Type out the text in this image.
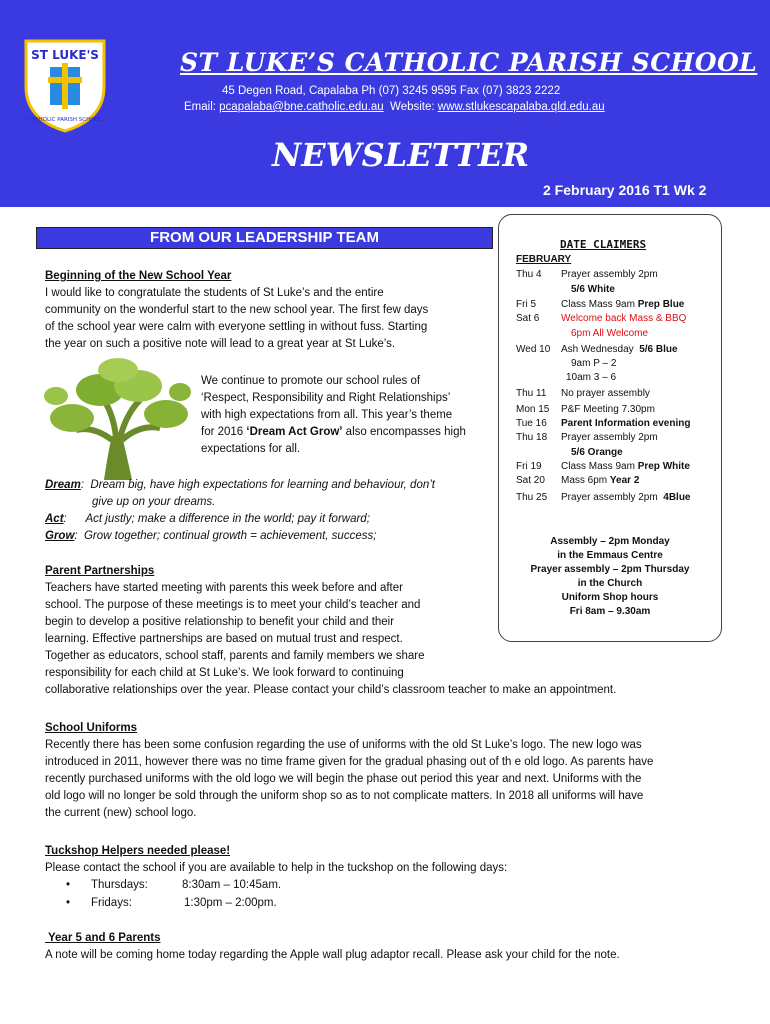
ST LUKE'S
CATHOLIC PARISH SCHOOL
ST LUKE’S CATHOLIC PARISH SCHOOL
45 Degen Road, Capalaba Ph (07) 3245 9595 Fax (07) 3823 2222
Email: pcapalaba@bne.catholic.edu.au  Website: www.stlukescapalaba.qld.edu.au
NEWSLETTER
2 February 2016 T1 Wk 2
FROM OUR LEADERSHIP TEAM
Beginning of the New School Year
I would like to congratulate the students of St Luke’s and the entire
community on the wonderful start to the new school year. The first few days
of the school year were calm with everyone settling in without fuss. Starting
the year on such a positive note will lead to a great year at St Luke’s.
We continue to promote our school rules of
‘Respect, Responsibility and Right Relationships’
with high expectations from all. This year’s theme
for 2016 ‘Dream Act Grow’ also encompasses high
expectations for all.
Dream:  Dream big, have high expectations for learning and behaviour, don’t
give up on your dreams.
Act:      Act justly; make a difference in the world; pay it forward;
Grow:  Grow together; continual growth = achievement, success;
Parent Partnerships
Teachers have started meeting with parents this week before and after
school. The purpose of these meetings is to meet your child’s teacher and
begin to develop a positive relationship to benefit your child and their
learning. Effective partnerships are based on mutual trust and respect.
Together as educators, school staff, parents and family members we share
responsibility for each child at St Luke’s. We look forward to continuing
collaborative relationships over the year. Please contact your child’s classroom teacher to make an appointment.
School Uniforms
Recently there has been some confusion regarding the use of uniforms with the old St Luke’s logo. The new logo was
introduced in 2011, however there was no time frame given for the gradual phasing out of th e old logo. As parents have
recently purchased uniforms with the old logo we will begin the phase out period this year and next. Uniforms with the
old logo will no longer be sold through the uniform shop so as to not complicate matters. In 2018 all uniforms will have
the current (new) school logo.
Tuckshop Helpers needed please!
Please contact the school if you are available to help in the tuckshop on the following days:
• Thursdays:	8:30am – 10:45am.
• Fridays:	1:30pm – 2:00pm.
Year 5 and 6 Parents
A note will be coming home today regarding the Apple wall plug adaptor recall. Please ask your child for the note.
DATE CLAIMERS
FEBRUARY
Thu 4 Prayer assembly 2pm
5/6 White
Fri 5	Class Mass 9am Prep Blue
Sat 6 Welcome back Mass & BBQ
6pm All Welcome
Wed 10 Ash Wednesday  5/6 Blue
9am P – 2
10am 3 – 6
Thu 11 No prayer assembly
Mon 15 P&F Meeting 7.30pm
Tue 16 Parent Information evening
Thu 18 Prayer assembly 2pm
5/6 Orange
Fri 19 Class Mass 9am Prep White
Sat 20 Mass 6pm Year 2
Thu 25 Prayer assembly 2pm  4Blue
Assembly – 2pm Monday
in the Emmaus Centre
Prayer assembly – 2pm Thursday
in the Church
Uniform Shop hours
Fri 8am – 9.30am
